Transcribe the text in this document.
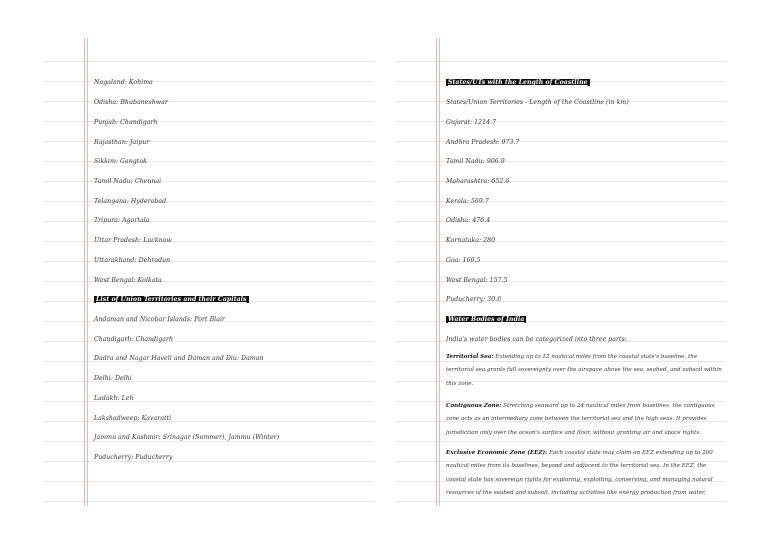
Nagaland: Kohima
Odisha: Bhubaneshwar
Punjab: Chandigarh
Rajasthan: Jaipur
Sikkim: Gangtok
Tamil Nadu: Chennai
Telangana: Hyderabad
Tripura: Agartala
Uttar Pradesh: Lucknow
Uttarakhand: Dehradun
West Bengal: Kolkata
List of Union Territories and their Capitals
Andaman and Nicobar Islands: Port Blair
Chandigarh: Chandigarh
Dadra and Nagar Haveli and Daman and Diu: Daman
Delhi: Delhi
Ladakh: Leh
Lakshadweep: Kavaratti
Jammu and Kashmir: Srinagar (Summer), Jammu (Winter)
Puducherry: Puducherry
States/UTs with the Length of Coastline
States/Union Territories - Length of the Coastline (in km)
Gujarat: 1214.7
Andhra Pradesh: 973.7
Tamil Nadu: 906.9
Maharashtra: 652.6
Kerala: 569.7
Odisha: 476.4
Karnataka: 280
Goa: 160.5
West Bengal: 157.5
Puducherry: 30.6
Water Bodies of India
India's water bodies can be categorized into three parts:
Territorial Sea: Extending up to 12 nautical miles from the coastal state's baseline, the territorial sea grants full sovereignty over the airspace above the sea, seabed, and subsoil within this zone.
Contiguous Zone: Stretching seaward up to 24 nautical miles from baselines, the contiguous zone acts as an intermediary zone between the territorial sea and the high seas. It provides jurisdiction only over the ocean's surface and floor, without granting air and space rights.
Exclusive Economic Zone (EEZ): Each coastal state may claim an EEZ extending up to 200 nautical miles from its baselines, beyond and adjacent to the territorial sea. In the EEZ, the coastal state has sovereign rights for exploring, exploiting, conserving, and managing natural resources of the seabed and subsoil, including activities like energy production from water,
